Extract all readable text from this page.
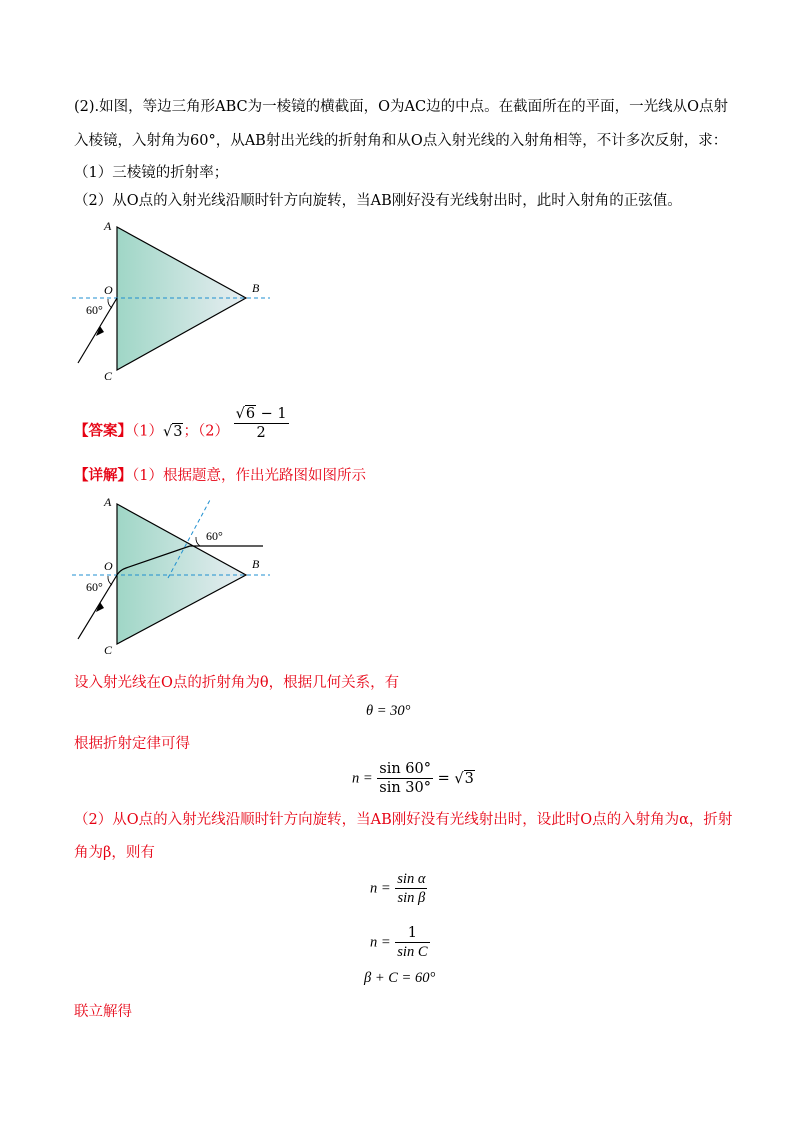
(2).如图，等边三角形ABC为一棱镜的横截面，O为AC边的中点。在截面所在的平面，一光线从O点射
入棱镜，入射角为60°，从AB射出光线的折射角和从O点入射光线的入射角相等，不计多次反射，求：
（1）三棱镜的折射率；
（2）从O点的入射光线沿顺时针方向旋转，当AB刚好没有光线射出时，此时入射角的正弦值。
A
B
O
C
60°
【答案】（1）√3；$(2) \frac{√6 - 1}{2}$
【详解】（1）根据题意，作出光路图如图所示
A
B
O
C
60°
60°
设入射光线在O点的折射角为θ，根据几何关系，有
θ = 30°
根据折射定律可得
$n = \frac{\sin 60^\circ}{\sin 30^\circ} = √3$
（2）从O点的入射光线沿顺时针方向旋转，当AB刚好没有光线射出时，设此时O点的入射角为α，折射
角为β，则有
$n = \frac{\text{sin α}}{\text{sin β}}$
$n = \frac{1}{\text{sin C}}$
β + C = 60°
联立解得
